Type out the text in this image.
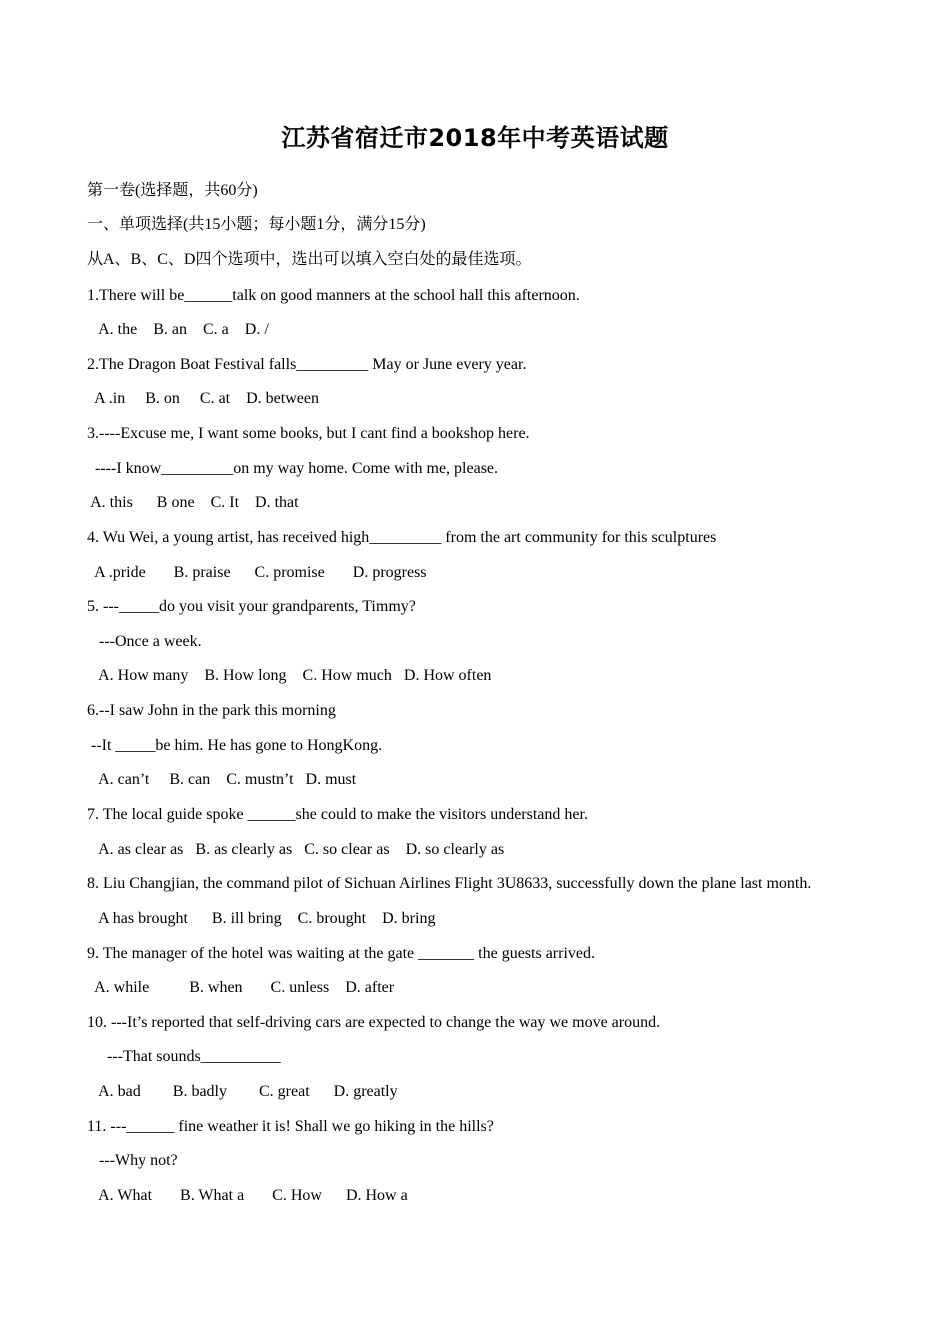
江苏省宿迁市2018年中考英语试题
第一卷(选择题，共60分)
一、单项选择(共15小题；每小题1分，满分15分)
从A、B、C、D四个选项中，选出可以填入空白处的最佳选项。
1.There will be______talk on good manners at the school hall this afternoon.
A. the    B. an    C. a    D. /
2.The Dragon Boat Festival falls_________ May or June every year.
A .in     B. on     C. at    D. between
3.----Excuse me, I want some books, but I cant find a bookshop here.
----I know_________on my way home. Come with me, please.
A. this      B one    C. It    D. that
4. Wu Wei, a young artist, has received high_________ from the art community for this sculptures
A .pride       B. praise      C. promise       D. progress
5. ---_____do you visit your grandparents, Timmy?
---Once a week.
A. How many    B. How long    C. How much   D. How often
6.--I saw John in the park this morning
--It _____be him. He has gone to HongKong.
A. can’t     B. can    C. mustn’t   D. must
7. The local guide spoke ______she could to make the visitors understand her.
A. as clear as   B. as clearly as   C. so clear as    D. so clearly as
8. Liu Changjian, the command pilot of Sichuan Airlines Flight 3U8633, successfully down the plane last month.
A has brought      B. ill bring    C. brought    D. bring
9. The manager of the hotel was waiting at the gate _______ the guests arrived.
A. while          B. when       C. unless    D. after
10. ---It’s reported that self-driving cars are expected to change the way we move around.
---That sounds__________
A. bad        B. badly        C. great      D. greatly
11. ---______ fine weather it is! Shall we go hiking in the hills?
---Why not?
A. What       B. What a       C. How      D. How a
